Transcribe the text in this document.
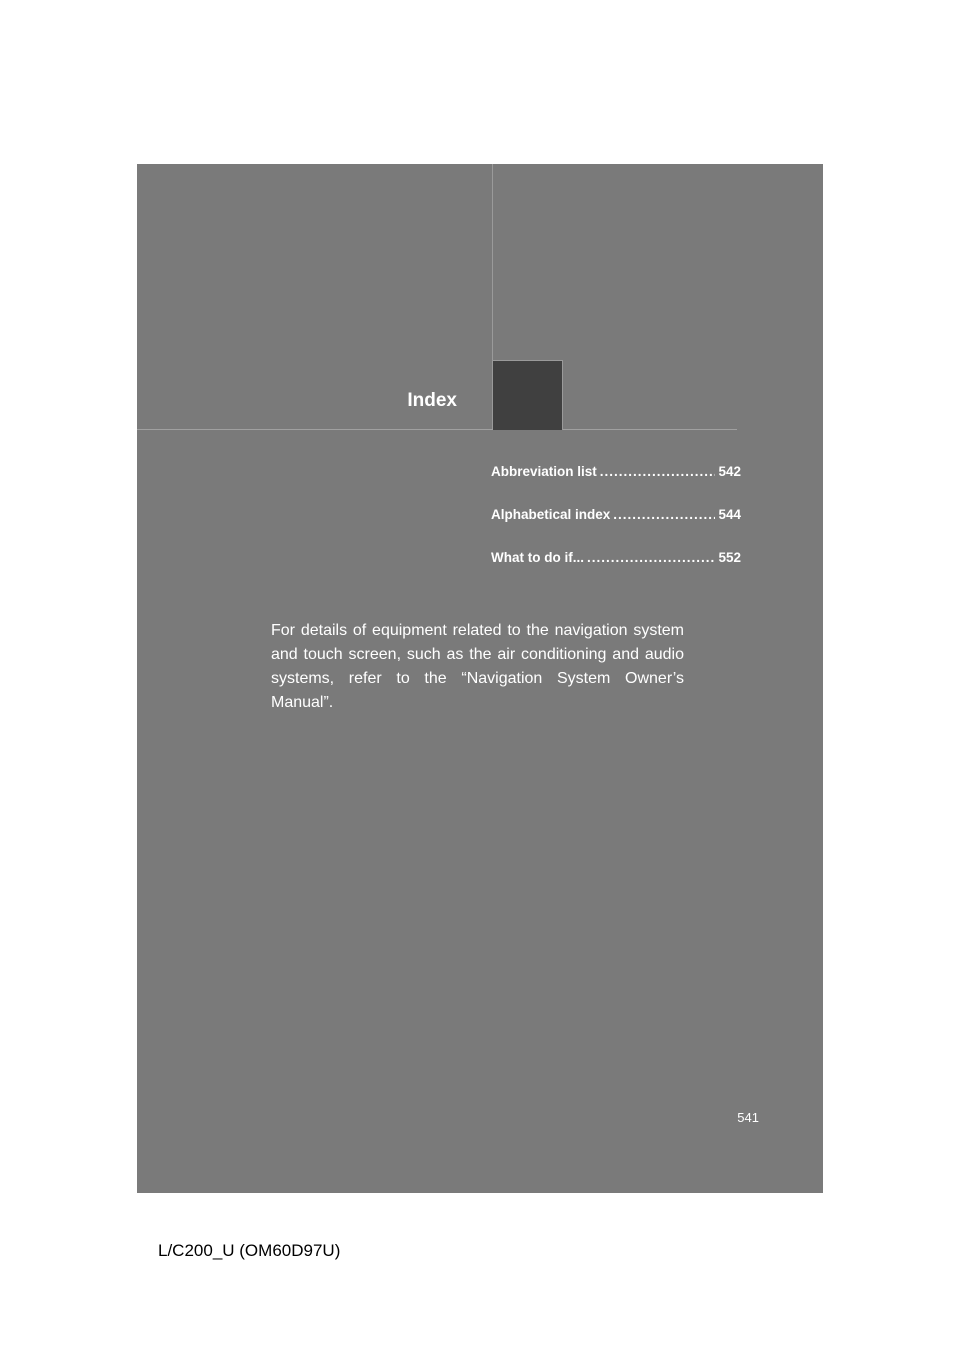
Index
Abbreviation list .....	542
Alphabetical index .....	544
What to do if... .....	552
For details of equipment related to the navigation system and touch screen, such as the air conditioning and audio systems, refer to the “Navigation System Owner’s Manual”.
541
L/C200_U (OM60D97U)
